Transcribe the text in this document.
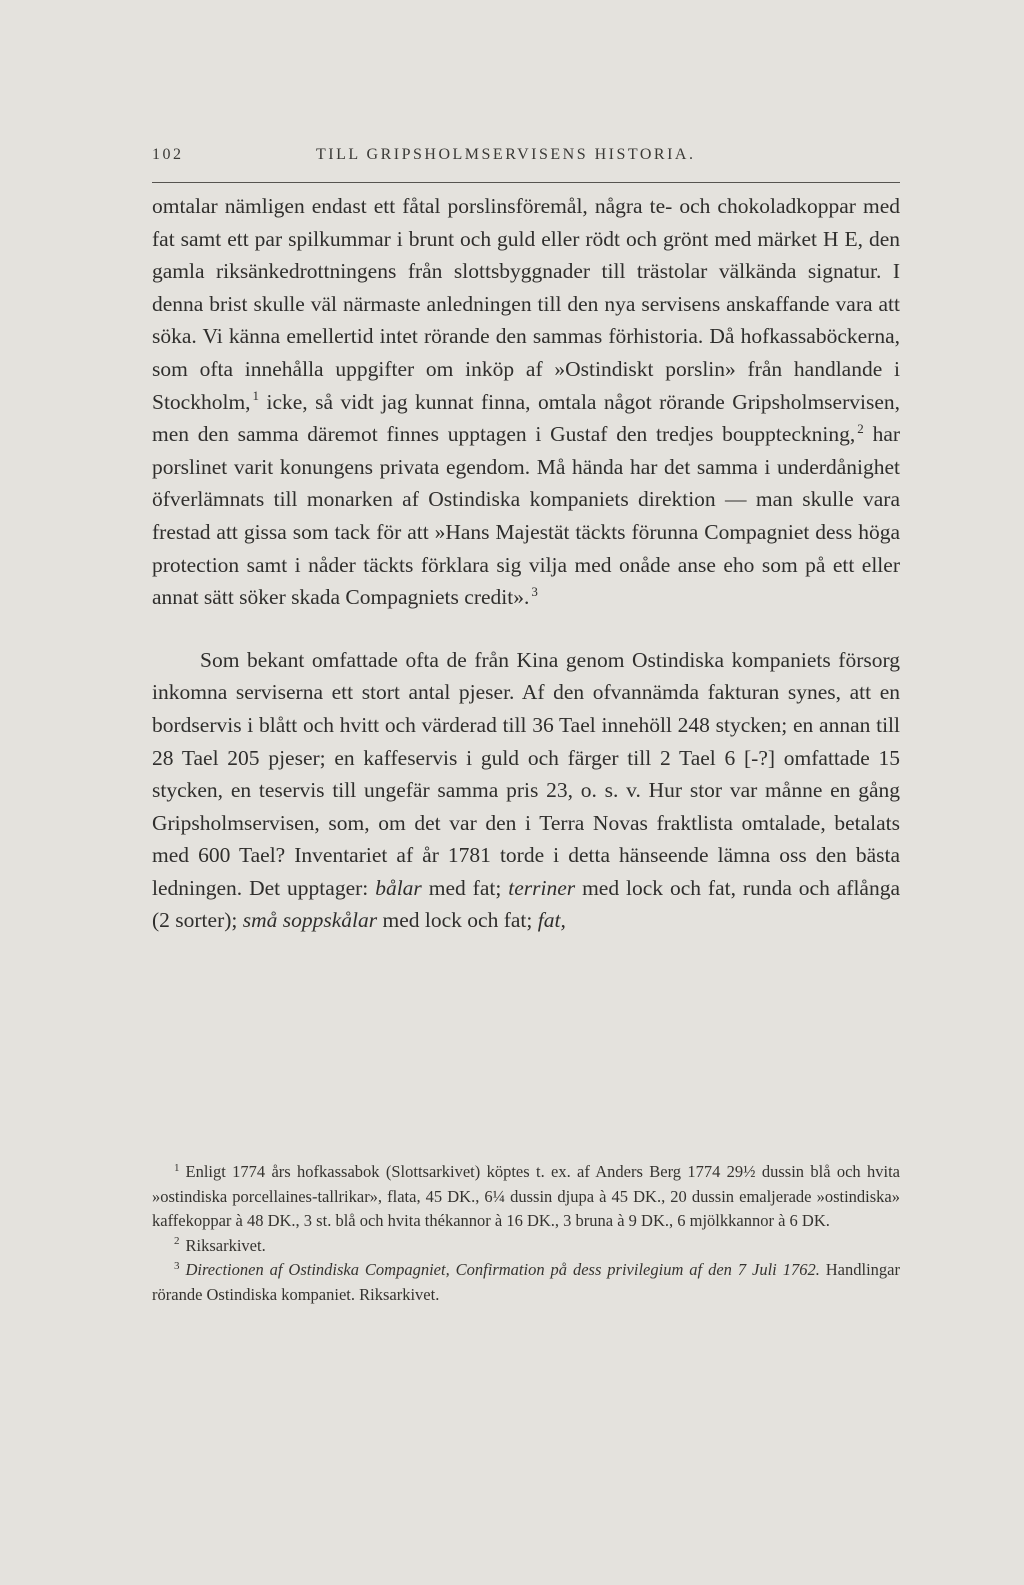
102	TILL GRIPSHOLMSERVISENS HISTORIA.

omtalar nämligen endast ett fåtal porslinsföremål, några te- och chokoladkoppar med fat samt ett par spilkummar i brunt och guld eller rödt och grönt med märket H E, den gamla riksänkedrottningens från slottsbyggnader till trästolar välkända signatur. I denna brist skulle väl närmaste anledningen till den nya servisens anskaffande vara att söka. Vi känna emellertid intet rörande den sammas förhistoria. Då hofkassaböckerna, som ofta innehålla uppgifter om inköp af »Ostindiskt porslin» från handlande i Stockholm, $^1$ icke, så vidt jag kunnat finna, omtala något rörande Gripsholmservisen, men den samma däremot finnes upptagen i Gustaf den tredjes bouppteckning, $^2$ har porslinet varit konungens privata egendom. Må hända har det samma i underdånighet öfverlämnats till monarken af Ostindiska kompaniets direktion — man skulle vara frestad att gissa som tack för att »Hans Majestät täckts förunna Compagniet dess höga protection samt i nåder täckts förklara sig vilja med onåde anse eho som på ett eller annat sätt söker skada Compagniets credit». $^3$

Som bekant omfattade ofta de från Kina genom Ostindiska kompaniets försorg inkomna serviserna ett stort antal pjeser. Af den ofvannämda fakturan synes, att en bordservis i blått och hvitt och värderad till 36 Tael innehöll 248 stycken; en annan till 28 Tael 205 pjeser; en kaffeservis i guld och färger till 2 Tael 6 [-?] omfattade 15 stycken, en teservis till ungefär samma pris 23, o. s. v. Hur stor var månne en gång Gripsholmservisen, som, om det var den i Terra Novas fraktlista omtalade, betalats med 600 Tael? Inventariet af år 1781 torde i detta hänseende lämna oss den bästa ledningen. Det upptager: bålar med fat; terriner med lock och fat, runda och aflånga (2 sorter); små soppskålar med lock och fat; fat,

$^1$ Enligt 1774 års hofkassabok (Slottsarkivet) köptes t. ex. af Anders Berg 1774 29½ dussin blå och hvita »ostindiska porcellaines-tallrikar», flata, 45 DK., 6¼ dussin djupa à 45 DK., 20 dussin emaljerade »ostindiska» kaffekoppar à 48 DK., 3 st. blå och hvita thékannor à 16 DK., 3 bruna à 9 DK., 6 mjölkkannor à 6 DK.

$^2$ Riksarkivet.

$^3$ Directionen af Ostindiska Compagniet, Confirmation på dess privilegium af den 7 Juli 1762. Handlingar rörande Ostindiska kompaniet. Riksarkivet.
